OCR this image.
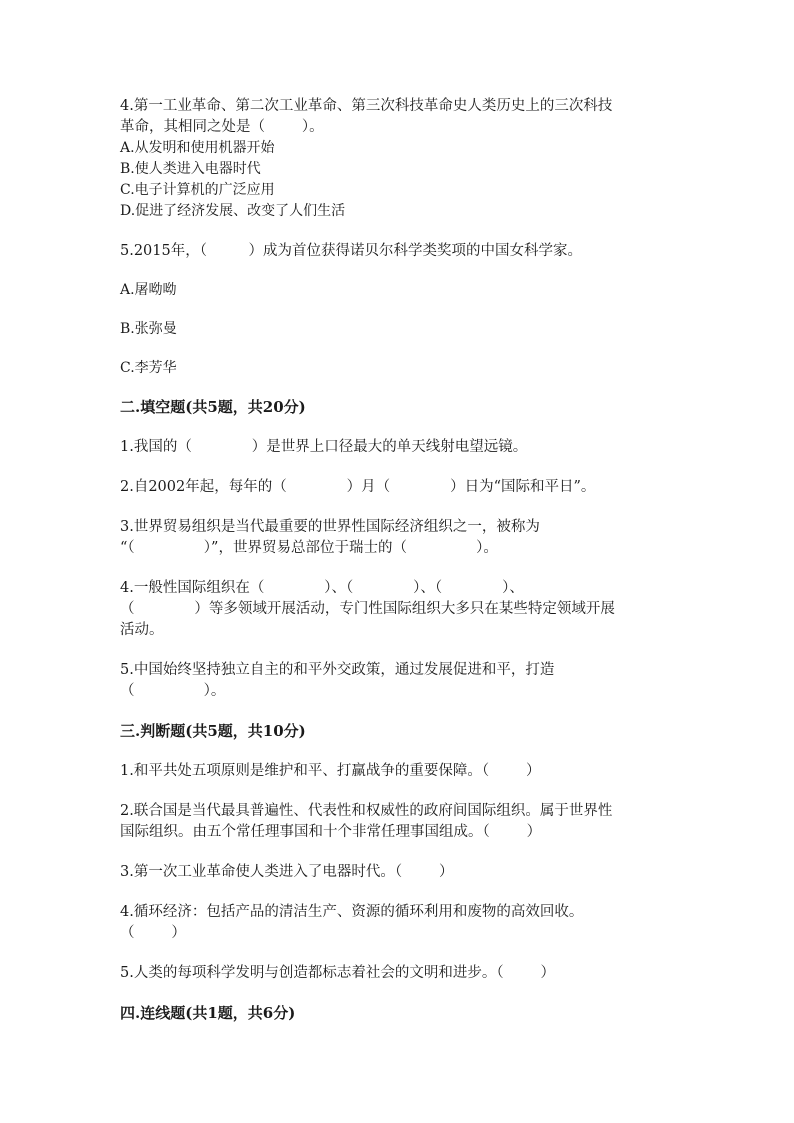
4.第一工业革命、第二次工业革命、第三次科技革命史人类历史上的三次科技

革命，其相同之处是（        ）。

A.从发明和使用机器开始

B.使人类进入电器时代

C.电子计算机的广泛应用

D.促进了经济发展、改变了人们生活

5.2015年，（         ）成为首位获得诺贝尔科学类奖项的中国女科学家。

A.屠呦呦

B.张弥曼

C.李芳华

二.填空题(共5题，共20分)

1.我国的（             ）是世界上口径最大的单天线射电望远镜。

2.自2002年起，每年的（             ）月（             ）日为“国际和平日”。

3.世界贸易组织是当代最重要的世界性国际经济组织之一，被称为

“（               ）”，世界贸易总部位于瑞士的（               ）。

4.一般性国际组织在（             ）、（             ）、（             ）、

（             ）等多领域开展活动，专门性国际组织大多只在某些特定领域开展

活动。

5.中国始终坚持独立自主的和平外交政策，通过发展促进和平，打造

（               ）。

三.判断题(共5题，共10分)

1.和平共处五项原则是维护和平、打赢战争的重要保障。（        ）

2.联合国是当代最具普遍性、代表性和权威性的政府间国际组织。属于世界性

国际组织。由五个常任理事国和十个非常任理事国组成。（        ）

3.第一次工业革命使人类进入了电器时代。（        ）

4.循环经济：包括产品的清洁生产、资源的循环利用和废物的高效回收。

（        ）

5.人类的每项科学发明与创造都标志着社会的文明和进步。（        ）

四.连线题(共1题，共6分)
